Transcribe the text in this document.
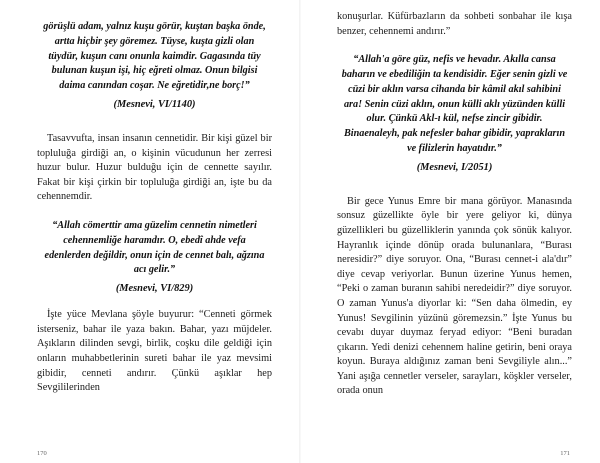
görüşlü adam, yalnız kuşu görür, kuştan başka önde, artta hiçbir şey göremez. Tüyse, kuşta gizli olan tüydür, kuşun canı onunla kaimdir. Gagasında tüy bulunan kuşun işi, hiç eğreti olmaz. Onun bilgisi daima canından coşar. Ne eğretidir,ne borç!”

(Mesnevi, VI/1140)

Tasavvufta, insan insanın cennetidir. Bir kişi güzel bir topluluğa girdiği an, o kişinin vücudunun her zerresi huzur bulur. Huzur bulduğu için de cennette sayılır. Fakat bir kişi çirkin bir topluluğa girdiği an, işte bu da cehennemdir.

“Allah cömerttir ama güzelim cennetin nimetleri cehennemliğe haramdır. O, ebedî ahde vefa edenlerden değildir, onun için de cennet balı, ağzına acı gelir.”

(Mesnevi, VI/829)

İşte yüce Mevlana şöyle buyurur: “Cenneti görmek isterseniz, bahar ile yaza bakın. Bahar, yazı müjdeler. Aşıkların dilinden sevgi, birlik, coşku dile geldiği için onların muhabbetlerinin sureti bahar ile yaz mevsimi gibidir, cenneti andırır. Çünkü aşıklar hep Sevgililerinden

170

konuşurlar. Küfürbazların da sohbeti sonbahar ile kışa benzer, cehennemi andırır.”

“Allah'a göre güz, nefis ve hevadır. Akılla cansa baharın ve ebediliğin ta kendisidir. Eğer senin gizli ve cüzi bir aklın varsa cihanda bir kâmil akıl sahibini ara! Senin cüzi aklın, onun külli aklı yüzünden külli olur. Çünkü Akl-ı kül, nefse zincir gibidir. Binaenaleyh, pak nefesler bahar gibidir, yaprakların ve filizlerin hayatıdır.”

(Mesnevi, I/2051)

Bir gece Yunus Emre bir mana görüyor. Manasında sonsuz güzellikte öyle bir yere geliyor ki, dünya güzellikleri bu güzelliklerin yanında çok sönük kalıyor. Hayranlık içinde dönüp orada bulunanlara, “Burası neresidir?” diye soruyor. Ona, “Burası cennet-i ala'dır” diye cevap veriyorlar. Bunun üzerine Yunus hemen, “Peki o zaman buranın sahibi neredeidir?” diye soruyor. O zaman Yunus'a diyorlar ki: “Sen daha ölmedin, ey Yunus! Sevgilinin yüzünü göremezsin.” İşte Yunus bu cevabı duyar duymaz feryad ediyor: “Beni buradan çıkarın. Yedi denizi cehennem haline getirin, beni oraya koyun. Buraya aldığınız zaman beni Sevgiliyle alın...” Yani aşığa cennetler verseler, sarayları, köşkler verseler, orada onun

171
